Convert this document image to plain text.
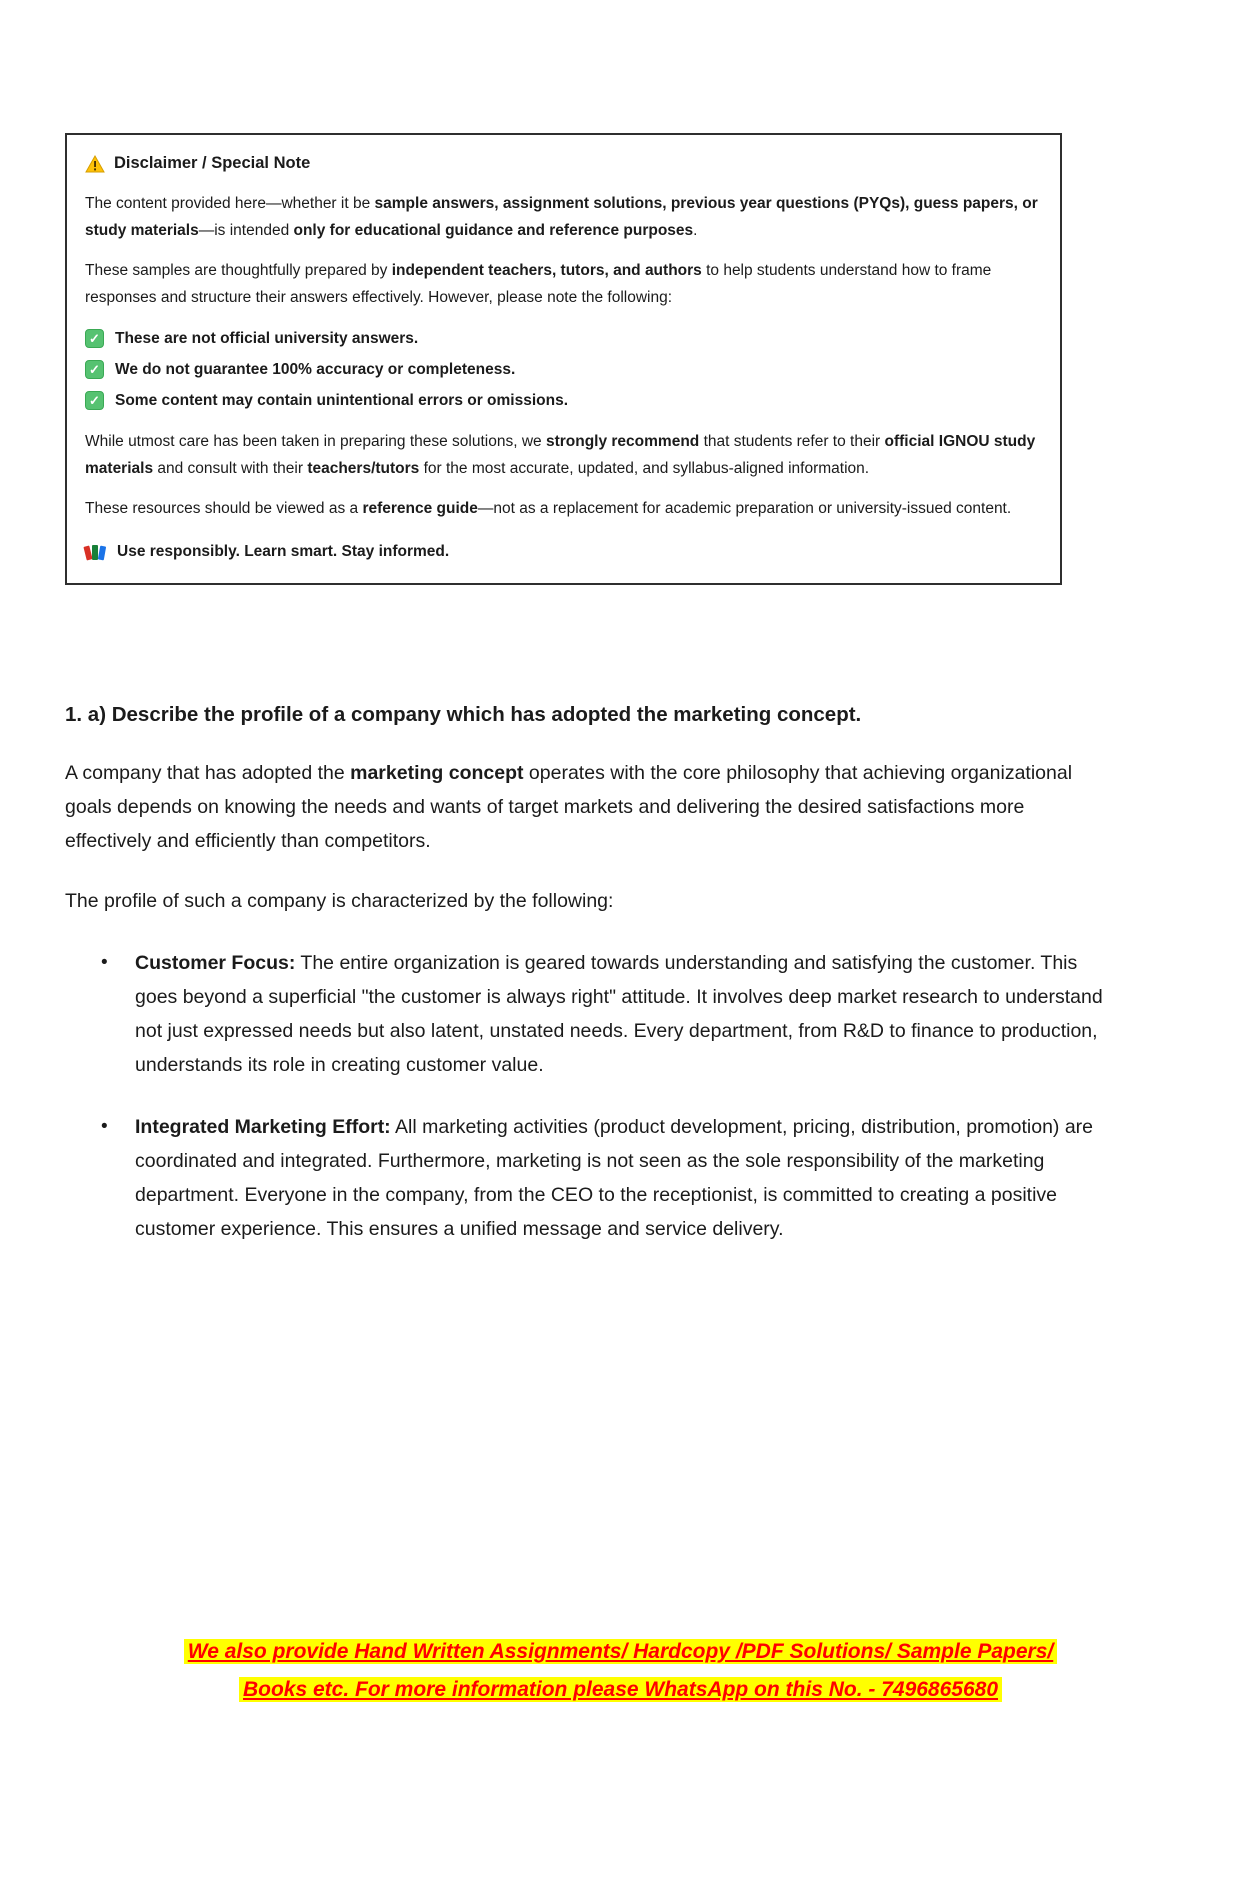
Disclaimer / Special Note

The content provided here—whether it be sample answers, assignment solutions, previous year questions (PYQs), guess papers, or study materials—is intended only for educational guidance and reference purposes.

These samples are thoughtfully prepared by independent teachers, tutors, and authors to help students understand how to frame responses and structure their answers effectively. However, please note the following:

✓ These are not official university answers.
✓ We do not guarantee 100% accuracy or completeness.
✓ Some content may contain unintentional errors or omissions.

While utmost care has been taken in preparing these solutions, we strongly recommend that students refer to their official IGNOU study materials and consult with their teachers/tutors for the most accurate, updated, and syllabus-aligned information.

These resources should be viewed as a reference guide—not as a replacement for academic preparation or university-issued content.

Use responsibly. Learn smart. Stay informed.

1. a) Describe the profile of a company which has adopted the marketing concept.

A company that has adopted the marketing concept operates with the core philosophy that achieving organizational goals depends on knowing the needs and wants of target markets and delivering the desired satisfactions more effectively and efficiently than competitors.

The profile of such a company is characterized by the following:

• Customer Focus: The entire organization is geared towards understanding and satisfying the customer. This goes beyond a superficial "the customer is always right" attitude. It involves deep market research to understand not just expressed needs but also latent, unstated needs. Every department, from R&D to finance to production, understands its role in creating customer value.
• Integrated Marketing Effort: All marketing activities (product development, pricing, distribution, promotion) are coordinated and integrated. Furthermore, marketing is not seen as the sole responsibility of the marketing department. Everyone in the company, from the CEO to the receptionist, is committed to creating a positive customer experience. This ensures a unified message and service delivery.
We also provide Hand Written Assignments/ Hardcopy /PDF Solutions/ Sample Papers/
Books etc. For more information please WhatsApp on this No. - 7496865680
